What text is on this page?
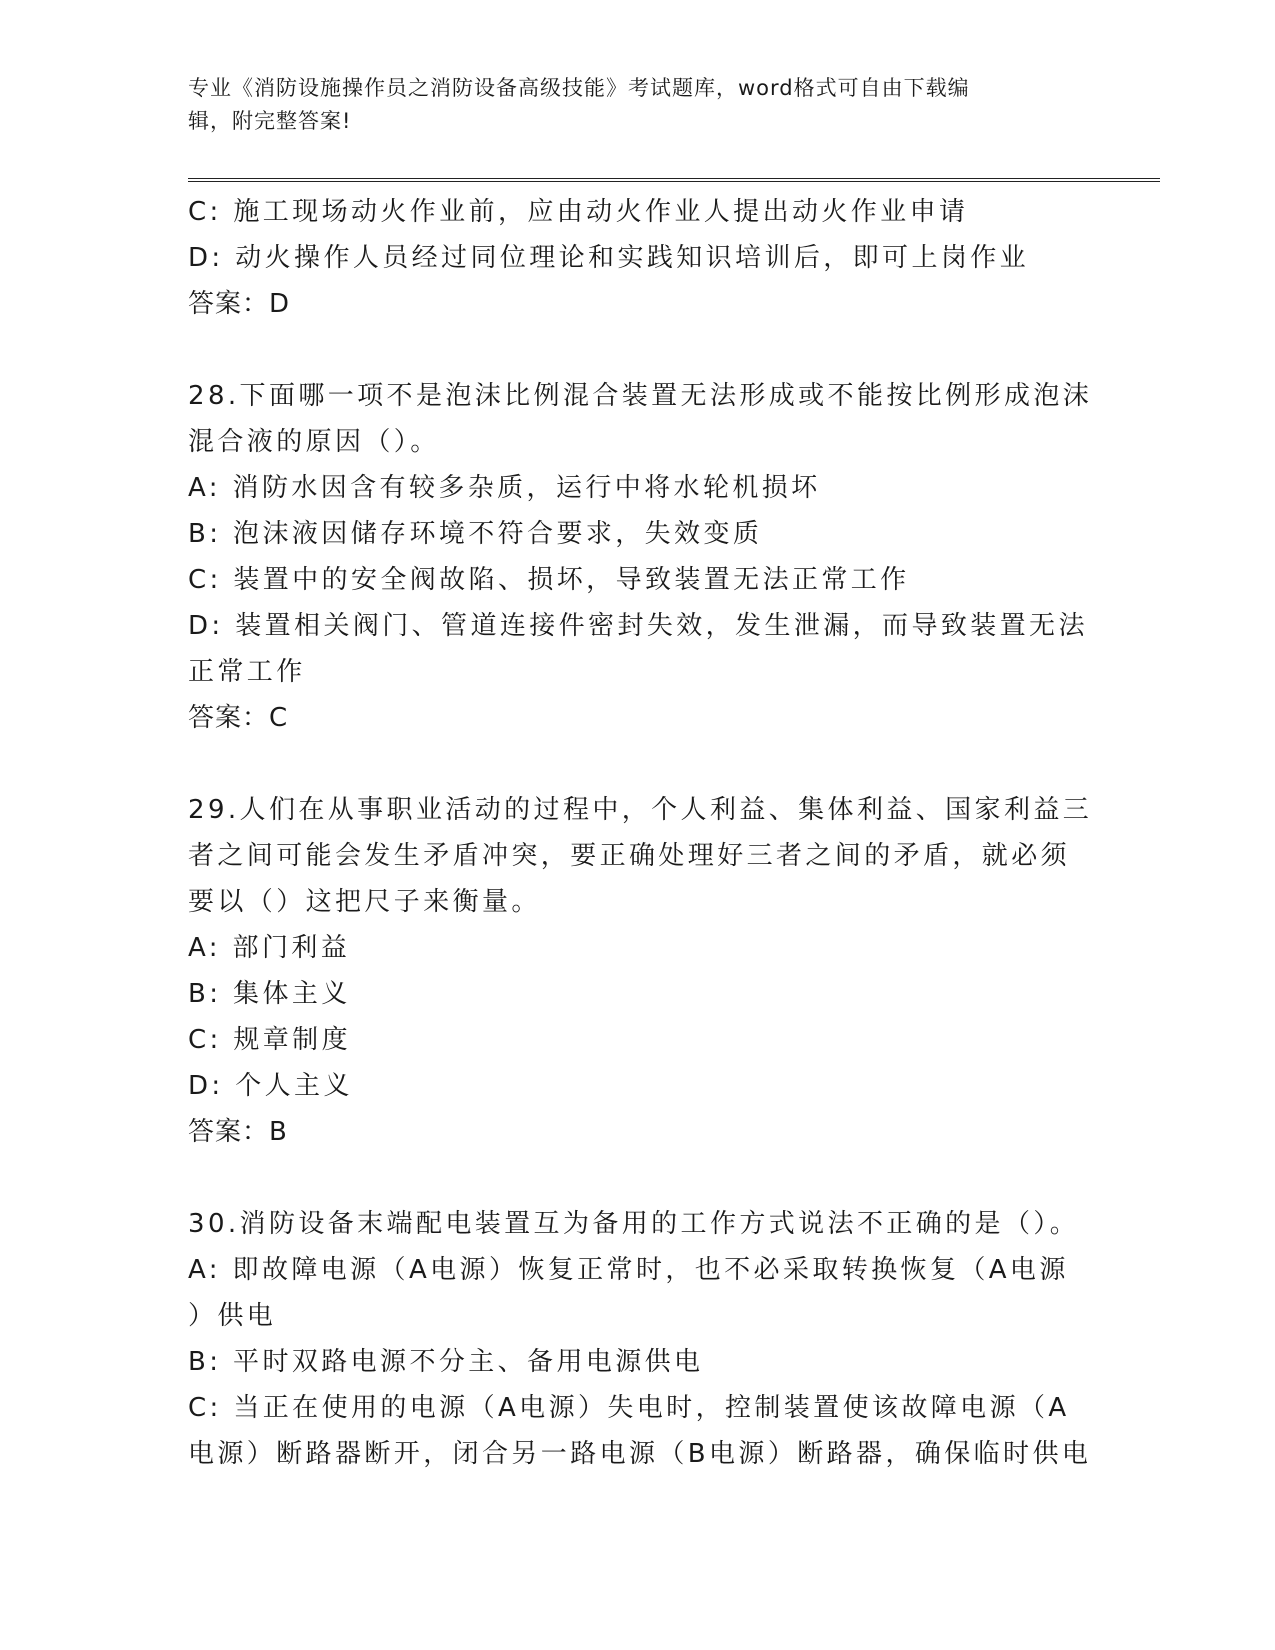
专业《消防设施操作员之消防设备高级技能》考试题库，word格式可自由下载编
辑，附完整答案!
C: 施工现场动火作业前，应由动火作业人提出动火作业申请
D: 动火操作人员经过同位理论和实践知识培训后，即可上岗作业
答案：D
28.下面哪一项不是泡沫比例混合装置无法形成或不能按比例形成泡沫
混合液的原因（）。
A: 消防水因含有较多杂质，运行中将水轮机损坏
B: 泡沫液因储存环境不符合要求，失效变质
C: 装置中的安全阀故陷、损坏，导致装置无法正常工作
D: 装置相关阀门、管道连接件密封失效，发生泄漏，而导致装置无法
正常工作
答案：C
29.人们在从事职业活动的过程中，个人利益、集体利益、国家利益三
者之间可能会发生矛盾冲突，要正确处理好三者之间的矛盾，就必须
要以（）这把尺子来衡量。
A: 部门利益
B: 集体主义
C: 规章制度
D: 个人主义
答案：B
30.消防设备末端配电装置互为备用的工作方式说法不正确的是（）。
A: 即故障电源（A电源）恢复正常时，也不必采取转换恢复（A电源
）供电
B: 平时双路电源不分主、备用电源供电
C: 当正在使用的电源（A电源）失电时，控制装置使该故障电源（A
电源）断路器断开，闭合另一路电源（B电源）断路器，确保临时供电
